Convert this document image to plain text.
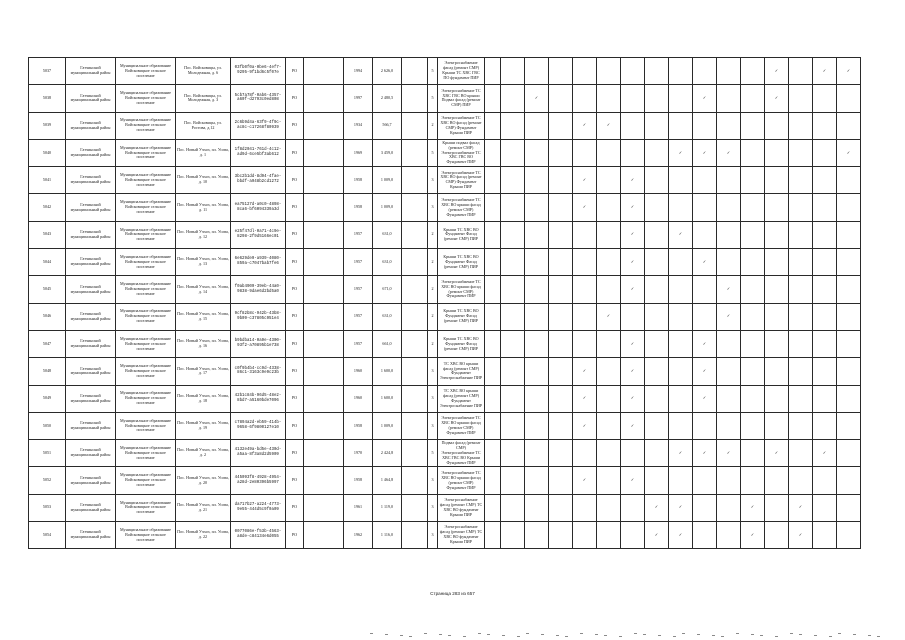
5037	Гатчинский муниципальный район	Муниципальное образование Войсковицкое сельское поселение	Пос. Войсковицы, ул. Молодежная, д. 6	03fb0f0a-0be6-4ef7-9295-9f1bd6c5f07e	РО		1994	2 626,0		5	Электроснабжение фасад (ремонт СМР) Крыши ТС ХВС ГВС ПО фундамент ПИР													✓		✓	✓
5038	Гатчинский муниципальный район	Муниципальное образование Войсковицкое сельское поселение	Пос. Войсковицы, ул. Молодежная, д. 3	5cb7a78f-0ab6-4357-a60f-d2793c0ed808	РО		1997	2 480,5		5	Электроснабжение ТС ХВС ГВС ВО крыши Подвал фасад (ремонт СМР) ПИР			✓							✓			✓			
5039	Гатчинский муниципальный район	Муниципальное образование Войсковицкое сельское поселение	Пос. Войсковицы, ул. Ростова, д.12	2c6b9d4a-63f9-4f9c-ac8c-c17268f80939	РО		1934	566,7		2	Электроснабжение ТС ХВС ВО фасад (ремонт СМР) Фундамент Крыши ПИР					✓	✓										
5040	Гатчинский муниципальный район	Муниципальное образование Войсковицкое сельское поселение	Пос. Новый Учхоз, пл. Усова, д. 1	1f8d2041-761d-4c12-ad9d-6ce5bf3ab612	РО		1969	3 459,0		5	Крыши подвал фасад (ремонт СМР) Электроснабжение ТС ХВС ГВС ВО Фундамент ПИР									✓	✓	✓					✓
5041	Гатчинский муниципальный район	Муниципальное образование Войсковицкое сельское поселение	Пос. Новый Учхоз, пл. Усова, д. 10	3bc2b1dd-8d94-4fae-bbdf-a948b2cd1272	РО		1958	1 009,0		3	Электроснабжение ТС ХВС ВО фасад (ремонт СМР) Фундамент Крыши ПИР					✓		✓									
5042	Гатчинский муниципальный район	Муниципальное образование Войсковицкое сельское поселение	Пос. Новый Учхоз, пл. Усова, д. 11	ea75127d-a0c0-4898-8ca6-bf6094339a3d	РО		1958	1 009,0		3	Электроснабжение ТС ХВС ВО крыши фасад (ремонт СМР) Фундамент ПИР					✓		✓									
5043	Гатчинский муниципальный район	Муниципальное образование Войсковицкое сельское поселение	Пос. Новый Учхоз, пл. Усова, д. 12	e25f47dl-0a71-4c9e-8298-2f9d5166ec01	РО		1957	631,0		2	Крыши ТС ХВС ВО Фундамент Фасад (ремонт СМР) ПИР							✓		✓							
5044	Гатчинский муниципальный район	Муниципальное образование Войсковицкое сельское поселение	Пос. Новый Учхоз, пл. Усова, д. 13	6e629de9-a939-4080-859a-c7047bab7fe6	РО		1957	631,0		2	Крыши ТС ХВС ВО Фундамент Фасад (ремонт СМР) ПИР							✓			✓						
5045	Гатчинский муниципальный район	Муниципальное образование Войсковицкое сельское поселение	Пос. Новый Учхоз, пл. Усова, д. 14	f0ab4909-39eb-44a0-9838-9dae6d2bd5a0	РО		1957	671,0		2	Электроснабжение ТС ХВС ВО крыши фасад (ремонт СМР) Фундамент ПИР							✓				✓					
5046	Гатчинский муниципальный район	Муниципальное образование Войсковицкое сельское поселение	Пос. Новый Учхоз, пл. Усова, д. 15	9cf82b8c-942b-43b8-9b09-c37805c951e4	РО		1957	631,0		2	Крыши ТС ХВС ВО Фундамент Фасад (ремонт СМР) ПИР						✓					✓					
5047	Гатчинский муниципальный район	Муниципальное образование Войсковицкое сельское поселение	Пос. Новый Учхоз, пл. Усова, д. 16	b9bdba14-0a9e-4300-93f2-a70895b1e738	РО		1957	661,0		2	Крыши ТС ХВС ВО Фундамент Фасад (ремонт СМР) ПИР							✓			✓						
5048	Гатчинский муниципальный район	Муниципальное образование Войсковицкое сельское поселение	Пос. Новый Учхоз, пл. Усова, д. 17	c0f9b4b4-cc9d-4338-86c1-3163c9e9c23b	РО		1960	1 600,0		3	ТС ХВС ВО крыши фасад (ремонт СМР) Фундамент Электроснабжение ПИР					✓		✓			✓						
5049	Гатчинский муниципальный район	Муниципальное образование Войсковицкое сельское поселение	Пос. Новый Учхоз, пл. Усова, д. 18	42b1c84b-96d5-48e2-8bd7-a5160bde7096	РО		1960	1 600,0		3	ТС ХВС ВО крыши фасад (ремонт СМР) Фундамент Электроснабжение ПИР					✓		✓			✓						
5050	Гатчинский муниципальный район	Муниципальное образование Войсковицкое сельское поселение	Пос. Новый Учхоз, пл. Усова, д. 19	c7894a2d-eb59-414b-9658-6f9800127e10	РО		1958	1 009,0		3	Электроснабжение ТС ХВС ВО крыши фасад (ремонт СМР) Фундамент ПИР					✓		✓									
5051	Гатчинский муниципальный район	Муниципальное образование Войсковицкое сельское поселение	Пос. Новый Учхоз, пл. Усова, д. 2	4132e49a-bd5e-430d-a5aa-8f3a8d2d5909	РО		1970	2 424,8		5	Подвал фасад (ремонт СМР) Электроснабжение ТС ХВС ГВС ВО Крыши Фундамент ПИР									✓	✓	✓		✓		✓	
5052	Гатчинский муниципальный район	Муниципальное образование Войсковицкое сельское поселение	Пос. Новый Учхоз, пл. Усова, д. 20	445093f8-4928-4954-a28d-2e80396b5997	РО		1958	1 464,8		3	Электроснабжение ТС ХВС ВО крыши фасад (ремонт СМР) Фундамент ПИР					✓		✓									
5053	Гатчинский муниципальный район	Муниципальное образование Войсковицкое сельское поселение	Пос. Новый Учхоз, пл. Усова, д. 21	da717b27-a224-4773-9e55-444d5c9f0a09	РО		1961	1 119,0		3	Электроснабжение фасад (ремонт СМР) ТС ХВС ВО фундамент Крыши ПИР								✓	✓			✓		✓		
5054	Гатчинский муниципальный район	Муниципальное образование Войсковицкое сельское поселение	Пос. Новый Учхоз, пл. Усова, д. 22	0077086e-f53b-4563-a8de-c84134e6d055	РО		1962	1 116,0		3	Электроснабжение фасад (ремонт СМР) ТС ХВС ВО фундамент Крыши ПИР								✓	✓			✓		✓		
Страница 283 из 657
